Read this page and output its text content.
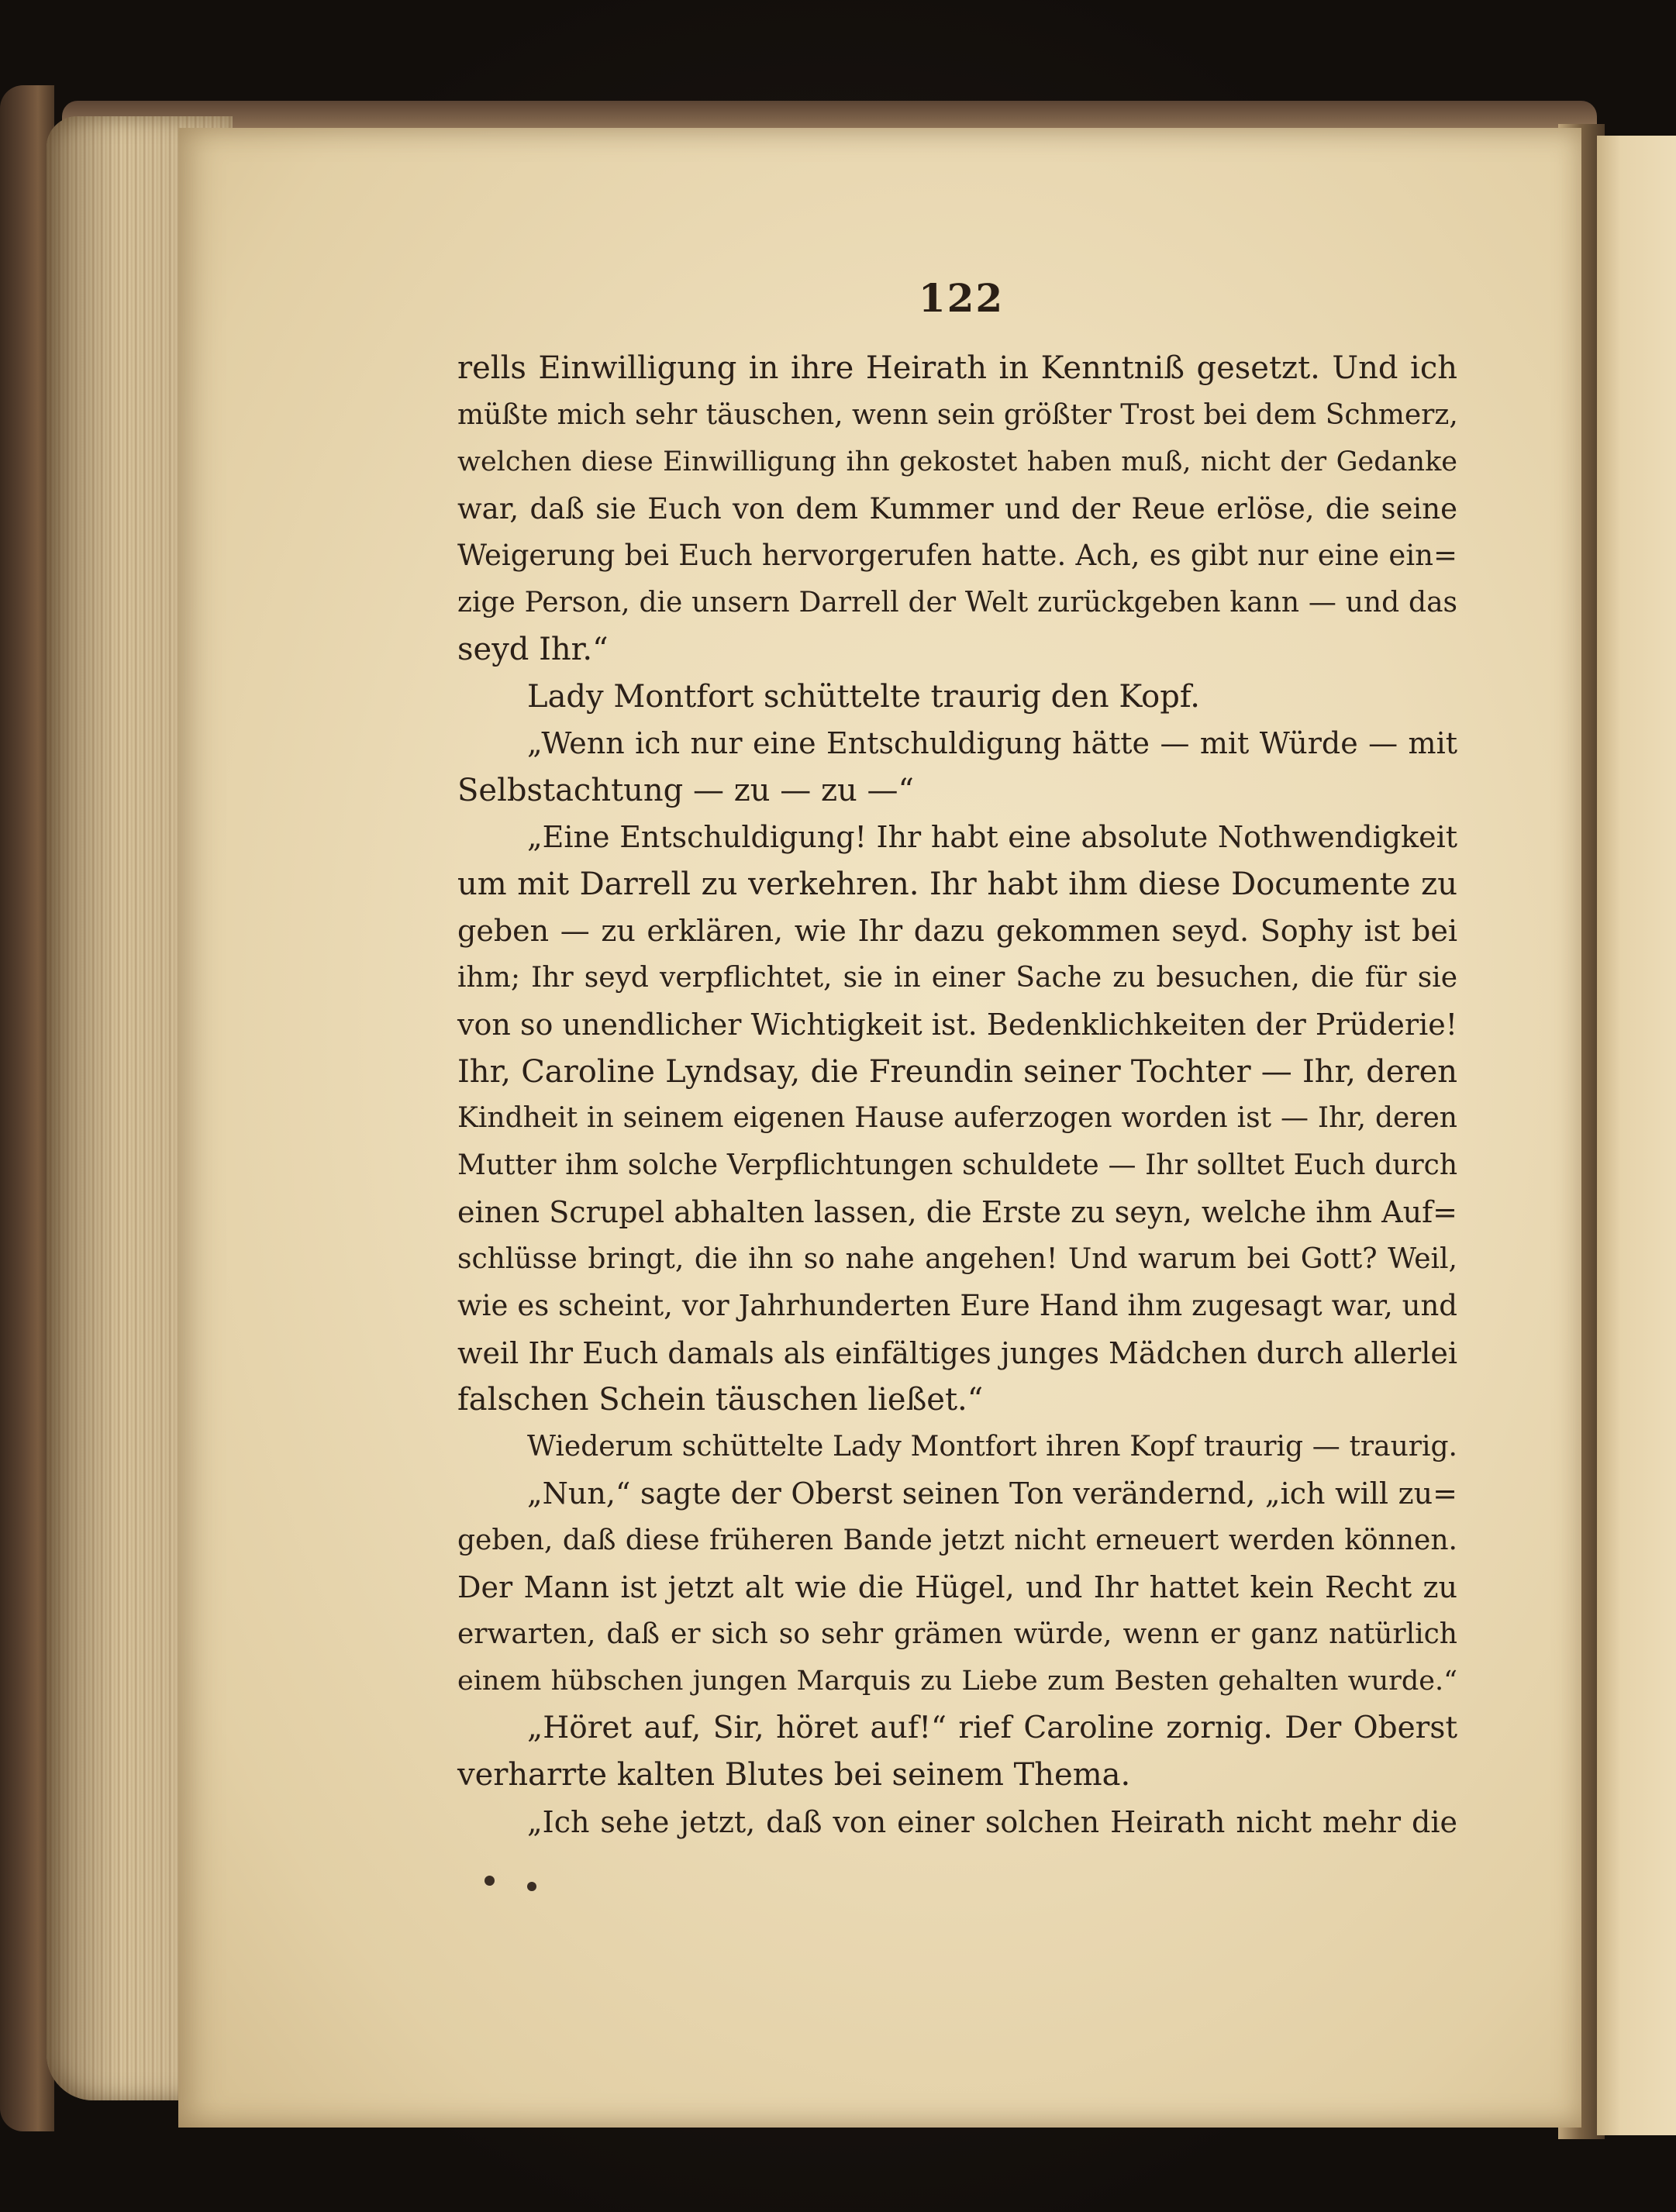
122
rells Einwilligung in ihre Heirath in Kenntniß gesetzt. Und ich
müßte mich sehr täuschen, wenn sein größter Trost bei dem Schmerz,
welchen diese Einwilligung ihn gekostet haben muß, nicht der Gedanke
war, daß sie Euch von dem Kummer und der Reue erlöse, die seine
Weigerung bei Euch hervorgerufen hatte. Ach, es gibt nur eine ein=
zige Person, die unsern Darrell der Welt zurückgeben kann — und das
seyd Ihr.“
Lady Montfort schüttelte traurig den Kopf.
„Wenn ich nur eine Entschuldigung hätte — mit Würde — mit
Selbstachtung — zu — zu —“
„Eine Entschuldigung! Ihr habt eine absolute Nothwendigkeit
um mit Darrell zu verkehren. Ihr habt ihm diese Documente zu
geben — zu erklären, wie Ihr dazu gekommen seyd. Sophy ist bei
ihm; Ihr seyd verpflichtet, sie in einer Sache zu besuchen, die für sie
von so unendlicher Wichtigkeit ist. Bedenklichkeiten der Prüderie!
Ihr, Caroline Lyndsay, die Freundin seiner Tochter — Ihr, deren
Kindheit in seinem eigenen Hause auferzogen worden ist — Ihr, deren
Mutter ihm solche Verpflichtungen schuldete — Ihr solltet Euch durch
einen Scrupel abhalten lassen, die Erste zu seyn, welche ihm Auf=
schlüsse bringt, die ihn so nahe angehen! Und warum bei Gott? Weil,
wie es scheint, vor Jahrhunderten Eure Hand ihm zugesagt war, und
weil Ihr Euch damals als einfältiges junges Mädchen durch allerlei
falschen Schein täuschen ließet.“
Wiederum schüttelte Lady Montfort ihren Kopf traurig — traurig.
„Nun,“ sagte der Oberst seinen Ton verändernd, „ich will zu=
geben, daß diese früheren Bande jetzt nicht erneuert werden können.
Der Mann ist jetzt alt wie die Hügel, und Ihr hattet kein Recht zu
erwarten, daß er sich so sehr grämen würde, wenn er ganz natürlich
einem hübschen jungen Marquis zu Liebe zum Besten gehalten wurde.“
„Höret auf, Sir, höret auf!“ rief Caroline zornig. Der Oberst
verharrte kalten Blutes bei seinem Thema.
„Ich sehe jetzt, daß von einer solchen Heirath nicht mehr die
